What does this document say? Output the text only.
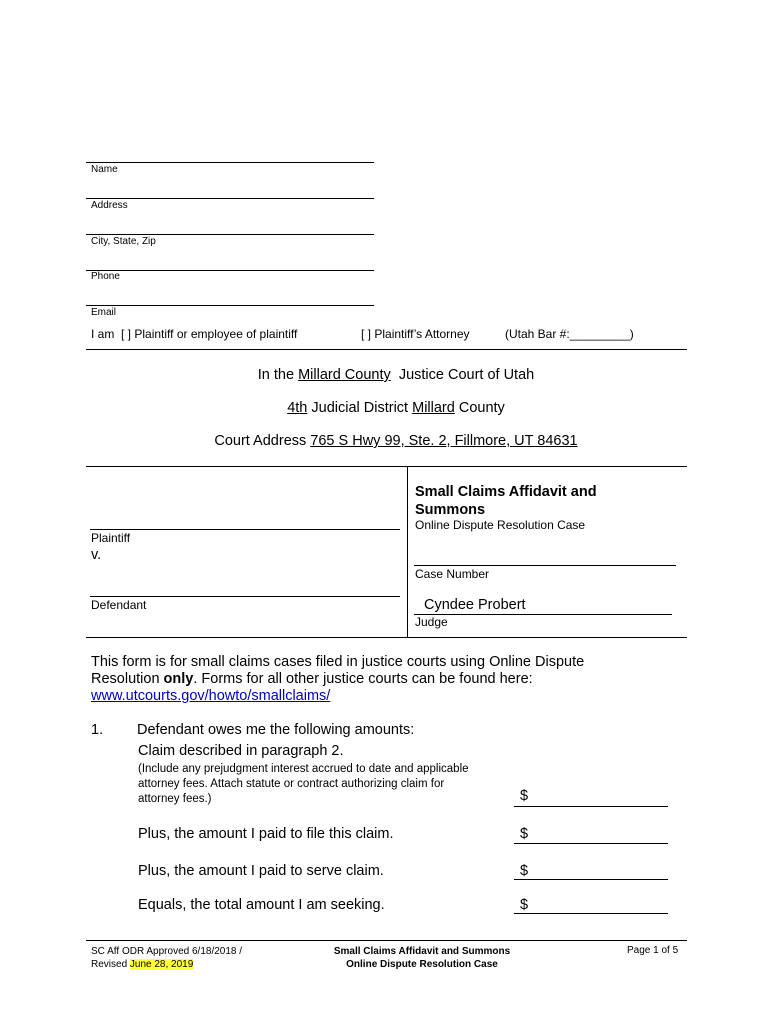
Name
Address
City, State, Zip
Phone
Email
I am [ ] Plaintiff or employee of plaintiff	[ ] Plaintiff’s Attorney	(Utah Bar #:_________)
In the Millard County Justice Court of Utah
4th Judicial District Millard County
Court Address 765 S Hwy 99, Ste. 2, Fillmore, UT 84631
Plaintiff
v.
Defendant
Small Claims Affidavit and
Summons
Online Dispute Resolution Case
Case Number
Cyndee Probert
Judge
This form is for small claims cases filed in justice courts using Online Dispute
Resolution only. Forms for all other justice courts can be found here:
www.utcourts.gov/howto/smallclaims/
1. Defendant owes me the following amounts:
Claim described in paragraph 2.
(Include any prejudgment interest accrued to date and applicable
attorney fees. Attach statute or contract authorizing claim for
attorney fees.)	$
Plus, the amount I paid to file this claim.	$
Plus, the amount I paid to serve claim.	$
Equals, the total amount I am seeking.	$
SC Aff ODR Approved 6/18/2018 /
Revised June 28, 2019
Small Claims Affidavit and Summons
Online Dispute Resolution Case
Page 1 of 5
